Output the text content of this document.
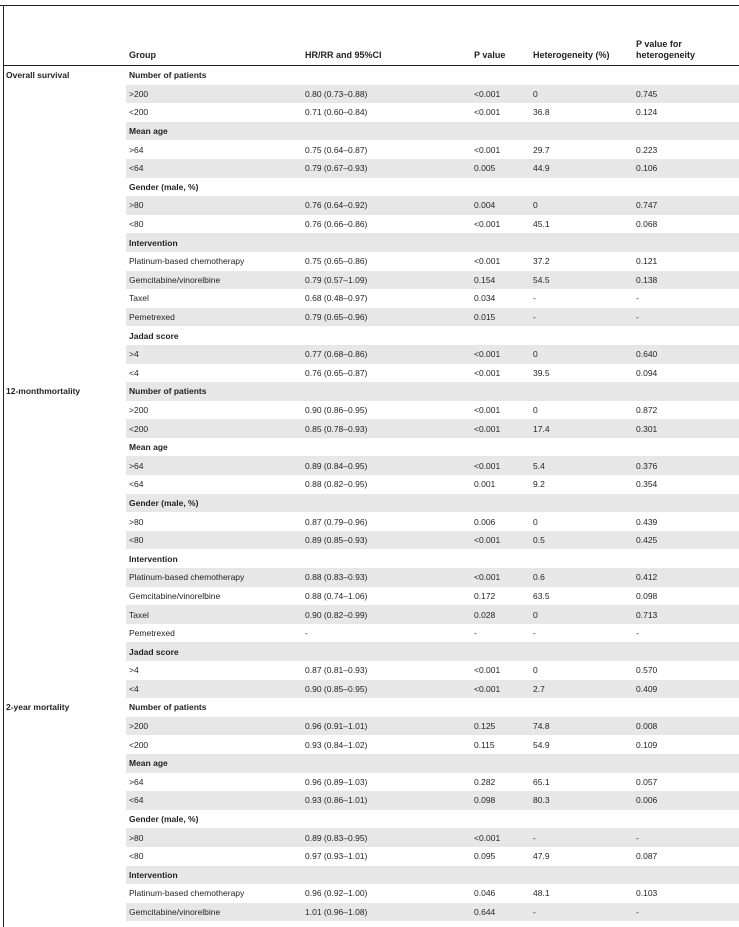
	Group	HR/RR and 95%CI	P value	Heterogeneity (%)	P value for heterogeneity
Overall survival	Number of patients				
	>200	0.80 (0.73–0.88)	<0.001	0	0.745
	<200	0.71 (0.60–0.84)	<0.001	36.8	0.124
	Mean age				
	>64	0.75 (0.64–0.87)	<0.001	29.7	0.223
	<64	0.79 (0.67–0.93)	0.005	44.9	0.106
	Gender (male, %)				
	>80	0.76 (0.64–0.92)	0.004	0	0.747
	<80	0.76 (0.66–0.86)	<0.001	45.1	0.068
	Intervention				
	Platinum-based chemotherapy	0.75 (0.65–0.86)	<0.001	37.2	0.121
	Gemcitabine/vinorelbine	0.79 (0.57–1.09)	0.154	54.5	0.138
	Taxel	0.68 (0.48–0.97)	0.034	-	-
	Pemetrexed	0.79 (0.65–0.96)	0.015	-	-
	Jadad score				
	>4	0.77 (0.68–0.86)	<0.001	0	0.640
	<4	0.76 (0.65–0.87)	<0.001	39.5	0.094
12-monthmortality	Number of patients				
	>200	0.90 (0.86–0.95)	<0.001	0	0.872
	<200	0.85 (0.78–0.93)	<0.001	17.4	0.301
	Mean age				
	>64	0.89 (0.84–0.95)	<0.001	5.4	0.376
	<64	0.88 (0.82–0.95)	0.001	9.2	0.354
	Gender (male, %)				
	>80	0.87 (0.79–0.96)	0.006	0	0.439
	<80	0.89 (0.85–0.93)	<0.001	0.5	0.425
	Intervention				
	Platinum-based chemotherapy	0.88 (0.83–0.93)	<0.001	0.6	0.412
	Gemcitabine/vinorelbine	0.88 (0.74–1.06)	0.172	63.5	0.098
	Taxel	0.90 (0.82–0.99)	0.028	0	0.713
	Pemetrexed	-	-	-	-
	Jadad score				
	>4	0.87 (0.81–0.93)	<0.001	0	0.570
	<4	0.90 (0.85–0.95)	<0.001	2.7	0.409
2-year mortality	Number of patients				
	>200	0.96 (0.91–1.01)	0.125	74.8	0.008
	<200	0.93 (0.84–1.02)	0.115	54.9	0.109
	Mean age				
	>64	0.96 (0.89–1.03)	0.282	65.1	0.057
	<64	0.93 (0.86–1.01)	0.098	80.3	0.006
	Gender (male, %)				
	>80	0.89 (0.83–0.95)	<0.001	-	-
	<80	0.97 (0.93–1.01)	0.095	47.9	0.087
	Intervention				
	Platinum-based chemotherapy	0.96 (0.92–1.00)	0.046	48.1	0.103
	Gemcitabine/vinorelbine	1.01 (0.96–1.08)	0.644	-	-
